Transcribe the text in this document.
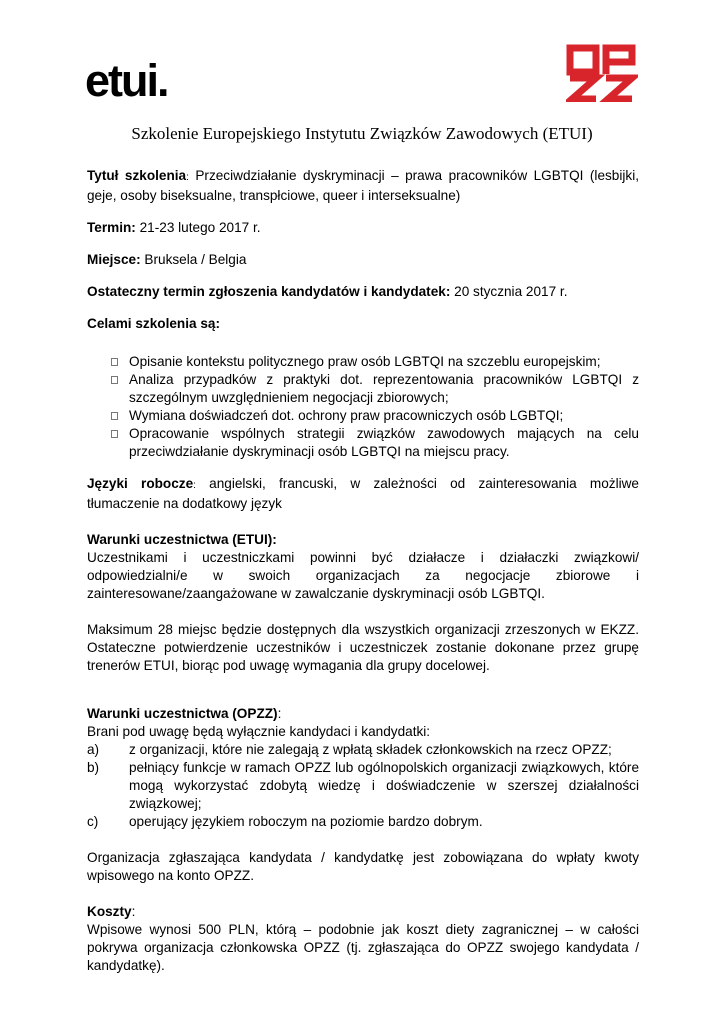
etui.
Szkolenie Europejskiego Instytutu Związków Zawodowych (ETUI)

Tytuł szkolenia: Przeciwdziałanie dyskryminacji – prawa pracowników LGBTQI (lesbijki, geje, osoby biseksualne, transpłciowe, queer i interseksualne)

Termin: 21-23 lutego 2017 r.

Miejsce: Bruksela / Belgia

Ostateczny termin zgłoszenia kandydatów i kandydatek: 20 stycznia 2017 r.

Celami szkolenia są:

Opisanie kontekstu politycznego praw osób LGBTQI na szczeblu europejskim;
Analiza przypadków z praktyki dot. reprezentowania pracowników LGBTQI z szczególnym uwzględnieniem negocjacji zbiorowych;
Wymiana doświadczeń dot. ochrony praw pracowniczych osób LGBTQI;
Opracowanie wspólnych strategii związków zawodowych mających na celu przeciwdziałanie dyskryminacji osób LGBTQI na miejscu pracy.

Języki robocze: angielski, francuski, w zależności od zainteresowania możliwe tłumaczenie na dodatkowy język

Warunki uczestnictwa (ETUI):

Uczestnikami i uczestniczkami powinni być działacze i działaczki związkowi/ odpowiedzialni/e w swoich organizacjach za negocjacje zbiorowe i zainteresowane/zaangażowane w zawalczanie dyskryminacji osób LGBTQI.

Maksimum 28 miejsc będzie dostępnych dla wszystkich organizacji zrzeszonych w EKZZ. Ostateczne potwierdzenie uczestników i uczestniczek zostanie dokonane przez grupę trenerów ETUI, biorąc pod uwagę wymagania dla grupy docelowej.

Warunki uczestnictwa (OPZZ):

Brani pod uwagę będą wyłącznie kandydaci i kandydatki:

a) z organizacji, które nie zalegają z wpłatą składek członkowskich na rzecz OPZZ;
b) pełniący funkcje w ramach OPZZ lub ogólnopolskich organizacji związkowych, które mogą wykorzystać zdobytą wiedzę i doświadczenie w szerszej działalności związkowej;
c) operujący językiem roboczym na poziomie bardzo dobrym.

Organizacja zgłaszająca kandydata / kandydatkę jest zobowiązana do wpłaty kwoty wpisowego na konto OPZZ.

Koszty:

Wpisowe wynosi 500 PLN, którą – podobnie jak koszt diety zagranicznej – w całości pokrywa organizacja członkowska OPZZ (tj. zgłaszająca do OPZZ swojego kandydata / kandydatkę).
